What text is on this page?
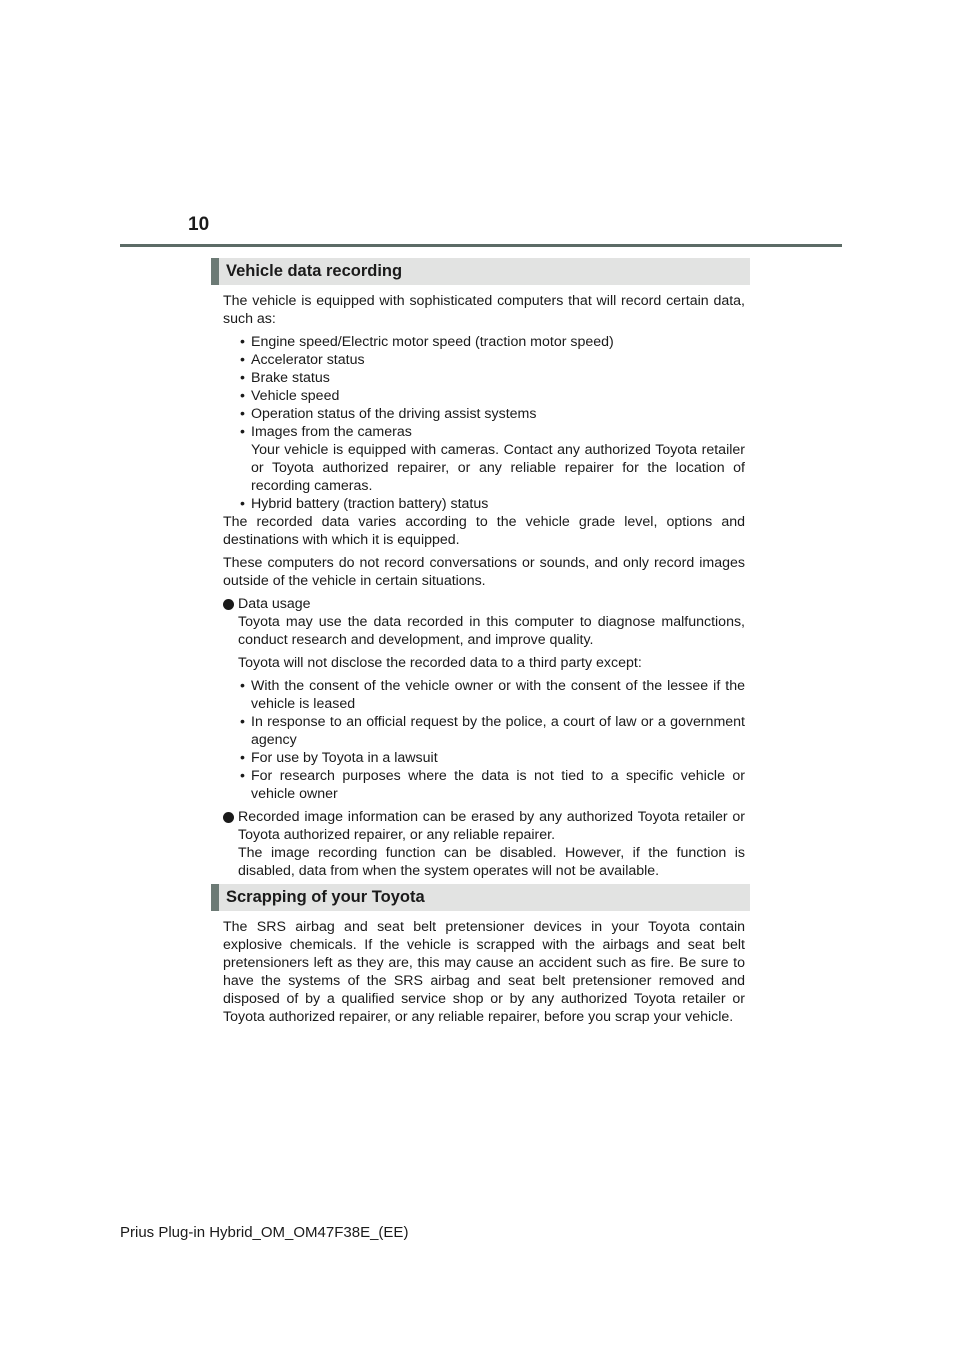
10
Vehicle data recording

The vehicle is equipped with sophisticated computers that will record certain data, such as:

• Engine speed/Electric motor speed (traction motor speed)
• Accelerator status
• Brake status
• Vehicle speed
• Operation status of the driving assist systems
• Images from the cameras
Your vehicle is equipped with cameras. Contact any authorized Toyota retailer or Toyota authorized repairer, or any reliable repairer for the location of recording cameras.
• Hybrid battery (traction battery) status

The recorded data varies according to the vehicle grade level, options and destinations with which it is equipped.

These computers do not record conversations or sounds, and only record images outside of the vehicle in certain situations.

Data usage

Toyota may use the data recorded in this computer to diagnose malfunctions, conduct research and development, and improve quality.

Toyota will not disclose the recorded data to a third party except:

• With the consent of the vehicle owner or with the consent of the lessee if the vehicle is leased
• In response to an official request by the police, a court of law or a government agency
• For use by Toyota in a lawsuit
• For research purposes where the data is not tied to a specific vehicle or vehicle owner

Recorded image information can be erased by any authorized Toyota retailer or Toyota authorized repairer, or any reliable repairer.

The image recording function can be disabled. However, if the function is disabled, data from when the system operates will not be available.

Scrapping of your Toyota

The SRS airbag and seat belt pretensioner devices in your Toyota contain explosive chemicals. If the vehicle is scrapped with the airbags and seat belt pretensioners left as they are, this may cause an accident such as fire. Be sure to have the systems of the SRS airbag and seat belt pretensioner removed and disposed of by a qualified service shop or by any authorized Toyota retailer or Toyota authorized repairer, or any reliable repairer, before you scrap your vehicle.

Prius Plug-in Hybrid_OM_OM47F38E_(EE)
